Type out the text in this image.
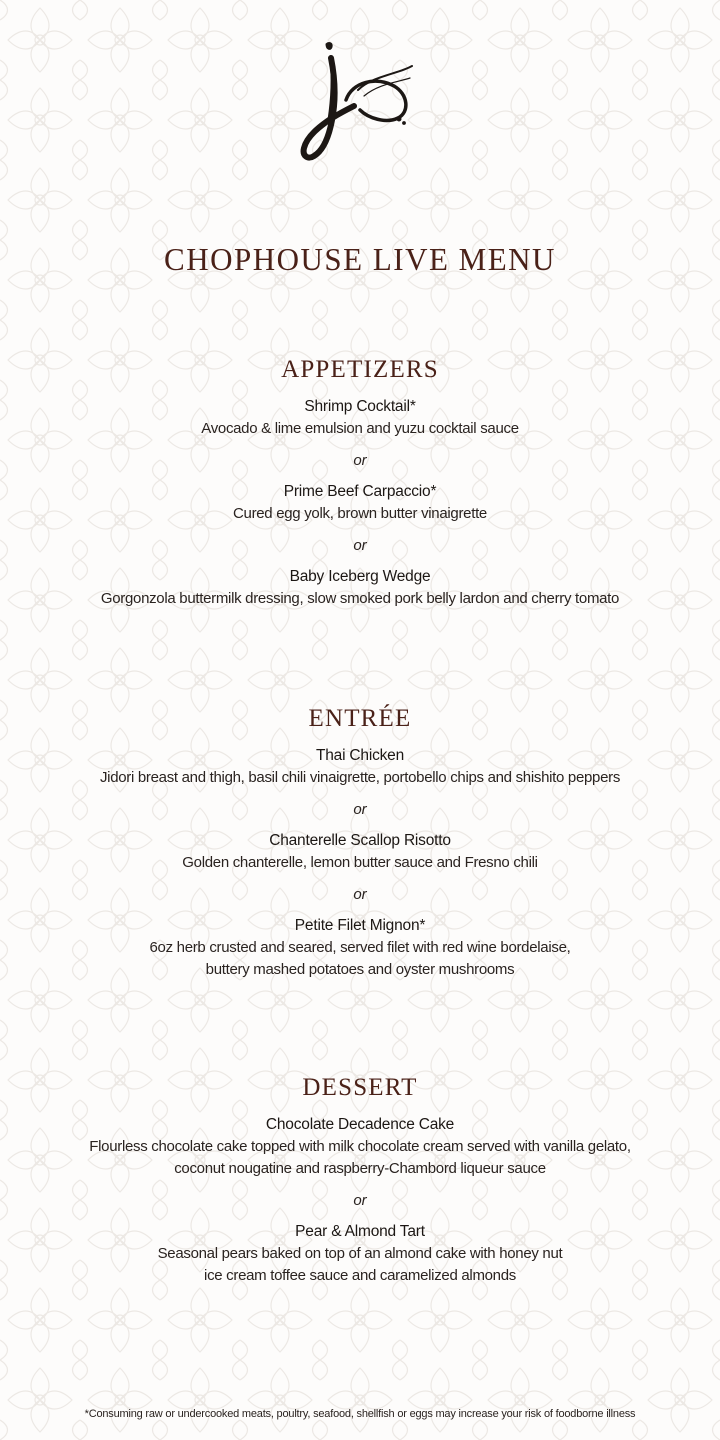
CHOPHOUSE LIVE MENU
APPETIZERS
Shrimp Cocktail*
Avocado & lime emulsion and yuzu cocktail sauce
or
Prime Beef Carpaccio*
Cured egg yolk, brown butter vinaigrette
or
Baby Iceberg Wedge
Gorgonzola buttermilk dressing, slow smoked pork belly lardon and cherry tomato
ENTRÉE
Thai Chicken
Jidori breast and thigh, basil chili vinaigrette, portobello chips and shishito peppers
or
Chanterelle Scallop Risotto
Golden chanterelle, lemon butter sauce and Fresno chili
or
Petite Filet Mignon*
6oz herb crusted and seared, served filet with red wine bordelaise,
buttery mashed potatoes and oyster mushrooms
DESSERT
Chocolate Decadence Cake
Flourless chocolate cake topped with milk chocolate cream served with vanilla gelato,
coconut nougatine and raspberry-Chambord liqueur sauce
or
Pear & Almond Tart
Seasonal pears baked on top of an almond cake with honey nut
ice cream toffee sauce and caramelized almonds
*Consuming raw or undercooked meats, poultry, seafood, shellfish or eggs may increase your risk of foodborne illness
